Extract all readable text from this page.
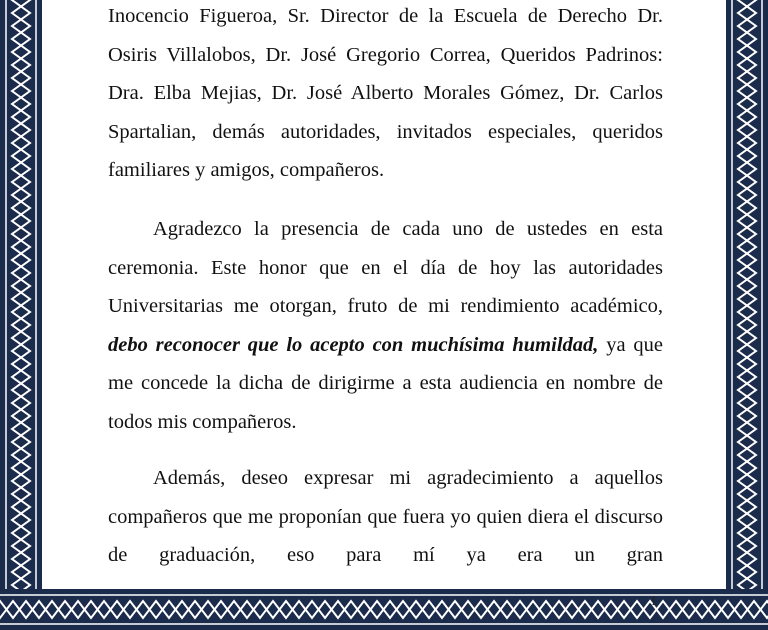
Inocencio Figueroa, Sr. Director de la Escuela de Derecho Dr. Osiris Villalobos, Dr. José Gregorio Correa, Queridos Padrinos: Dra. Elba Mejias, Dr. José Alberto Morales Gómez, Dr. Carlos Spartalian, demás autoridades, invitados especiales, queridos familiares y amigos, compañeros.

Agradezco la presencia de cada uno de ustedes en esta ceremonia. Este honor que en el día de hoy las autoridades Universitarias me otorgan, fruto de mi rendimiento académico, debo reconocer que lo acepto con muchísima humildad, ya que me concede la dicha de dirigirme a esta audiencia en nombre de todos mis compañeros.

Además, deseo expresar mi agradecimiento a aquellos compañeros que me proponían que fuera yo quien diera el discurso de graduación, eso para mí ya era un gran

1
